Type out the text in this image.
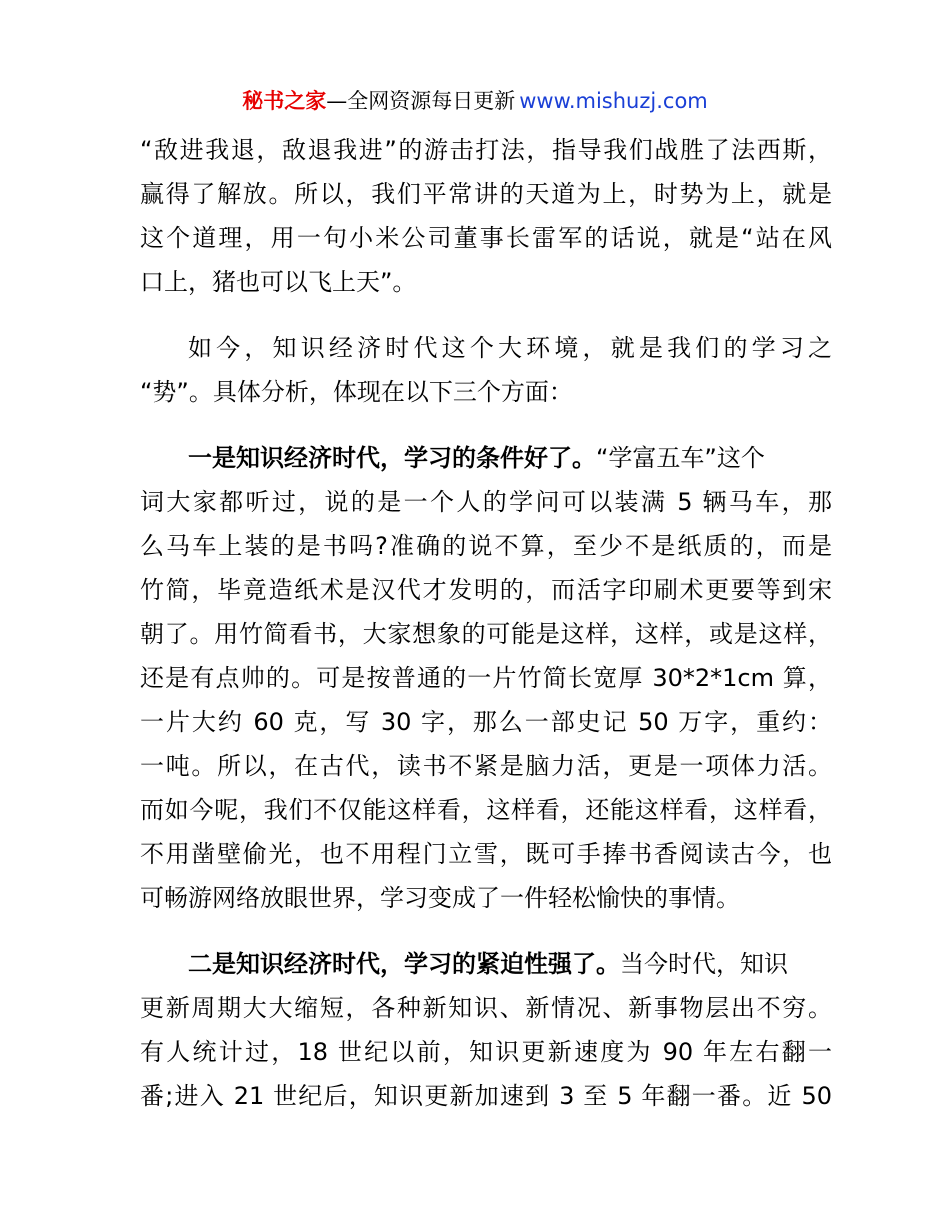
秘书之家—全网资源每日更新 www.mishuzj.com
“敌进我退，敌退我进”的游击打法，指导我们战胜了法西斯，
赢得了解放。所以，我们平常讲的天道为上，时势为上，就是
这个道理，用一句小米公司董事长雷军的话说，就是“站在风
口上，猪也可以飞上天”。
如今，知识经济时代这个大环境，就是我们的学习之
“势”。具体分析，体现在以下三个方面：
一是知识经济时代，学习的条件好了。“学富五车”这个
词大家都听过，说的是一个人的学问可以装满 5 辆马车，那
么马车上装的是书吗?准确的说不算，至少不是纸质的，而是
竹简，毕竟造纸术是汉代才发明的，而活字印刷术更要等到宋
朝了。用竹简看书，大家想象的可能是这样，这样，或是这样，
还是有点帅的。可是按普通的一片竹简长宽厚 30*2*1cm 算，
一片大约 60 克，写 30 字，那么一部史记 50 万字，重约：
一吨。所以，在古代，读书不紧是脑力活，更是一项体力活。
而如今呢，我们不仅能这样看，这样看，还能这样看，这样看，
不用凿壁偷光，也不用程门立雪，既可手捧书香阅读古今，也
可畅游网络放眼世界，学习变成了一件轻松愉快的事情。
二是知识经济时代，学习的紧迫性强了。当今时代，知识
更新周期大大缩短，各种新知识、新情况、新事物层出不穷。
有人统计过，18 世纪以前，知识更新速度为 90 年左右翻一
番;进入 21 世纪后，知识更新加速到 3 至 5 年翻一番。近 50
